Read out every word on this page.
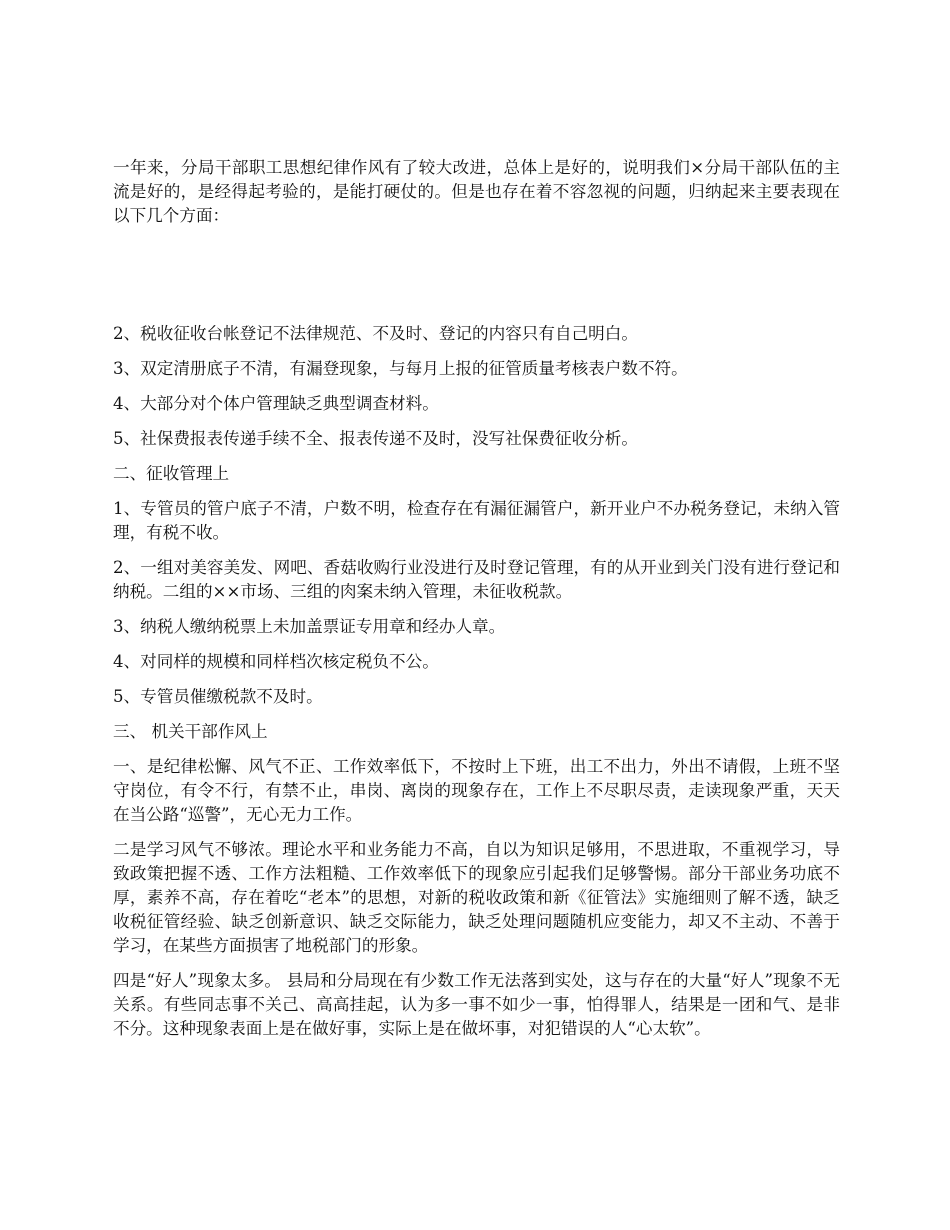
一年来，分局干部职工思想纪律作风有了较大改进，总体上是好的，说明我们×分局干部队伍的主流是好的，是经得起考验的，是能打硬仗的。但是也存在着不容忽视的问题，归纳起来主要表现在以下几个方面：

2、税收征收台帐登记不法律规范、不及时、登记的内容只有自己明白。

3、双定清册底子不清，有漏登现象，与每月上报的征管质量考核表户数不符。

4、大部分对个体户管理缺乏典型调查材料。

5、社保费报表传递手续不全、报表传递不及时，没写社保费征收分析。

二、征收管理上

1、专管员的管户底子不清，户数不明，检查存在有漏征漏管户，新开业户不办税务登记，未纳入管理，有税不收。

2、一组对美容美发、网吧、香菇收购行业没进行及时登记管理，有的从开业到关门没有进行登记和纳税。二组的××市场、三组的肉案未纳入管理，未征收税款。

3、纳税人缴纳税票上未加盖票证专用章和经办人章。

4、对同样的规模和同样档次核定税负不公。

5、专管员催缴税款不及时。

三、 机关干部作风上

一、是纪律松懈、风气不正、工作效率低下，不按时上下班，出工不出力，外出不请假，上班不坚守岗位，有令不行，有禁不止，串岗、离岗的现象存在，工作上不尽职尽责，走读现象严重，天天在当公路“巡警”，无心无力工作。

二是学习风气不够浓。理论水平和业务能力不高，自以为知识足够用，不思进取，不重视学习，导致政策把握不透、工作方法粗糙、工作效率低下的现象应引起我们足够警惕。部分干部业务功底不厚，素养不高，存在着吃“老本”的思想，对新的税收政策和新《征管法》实施细则了解不透，缺乏收税征管经验、缺乏创新意识、缺乏交际能力，缺乏处理问题随机应变能力，却又不主动、不善于学习，在某些方面损害了地税部门的形象。

四是“好人”现象太多。 县局和分局现在有少数工作无法落到实处，这与存在的大量“好人”现象不无关系。有些同志事不关己、高高挂起，认为多一事不如少一事，怕得罪人，结果是一团和气、是非不分。这种现象表面上是在做好事，实际上是在做坏事，对犯错误的人“心太软”。
